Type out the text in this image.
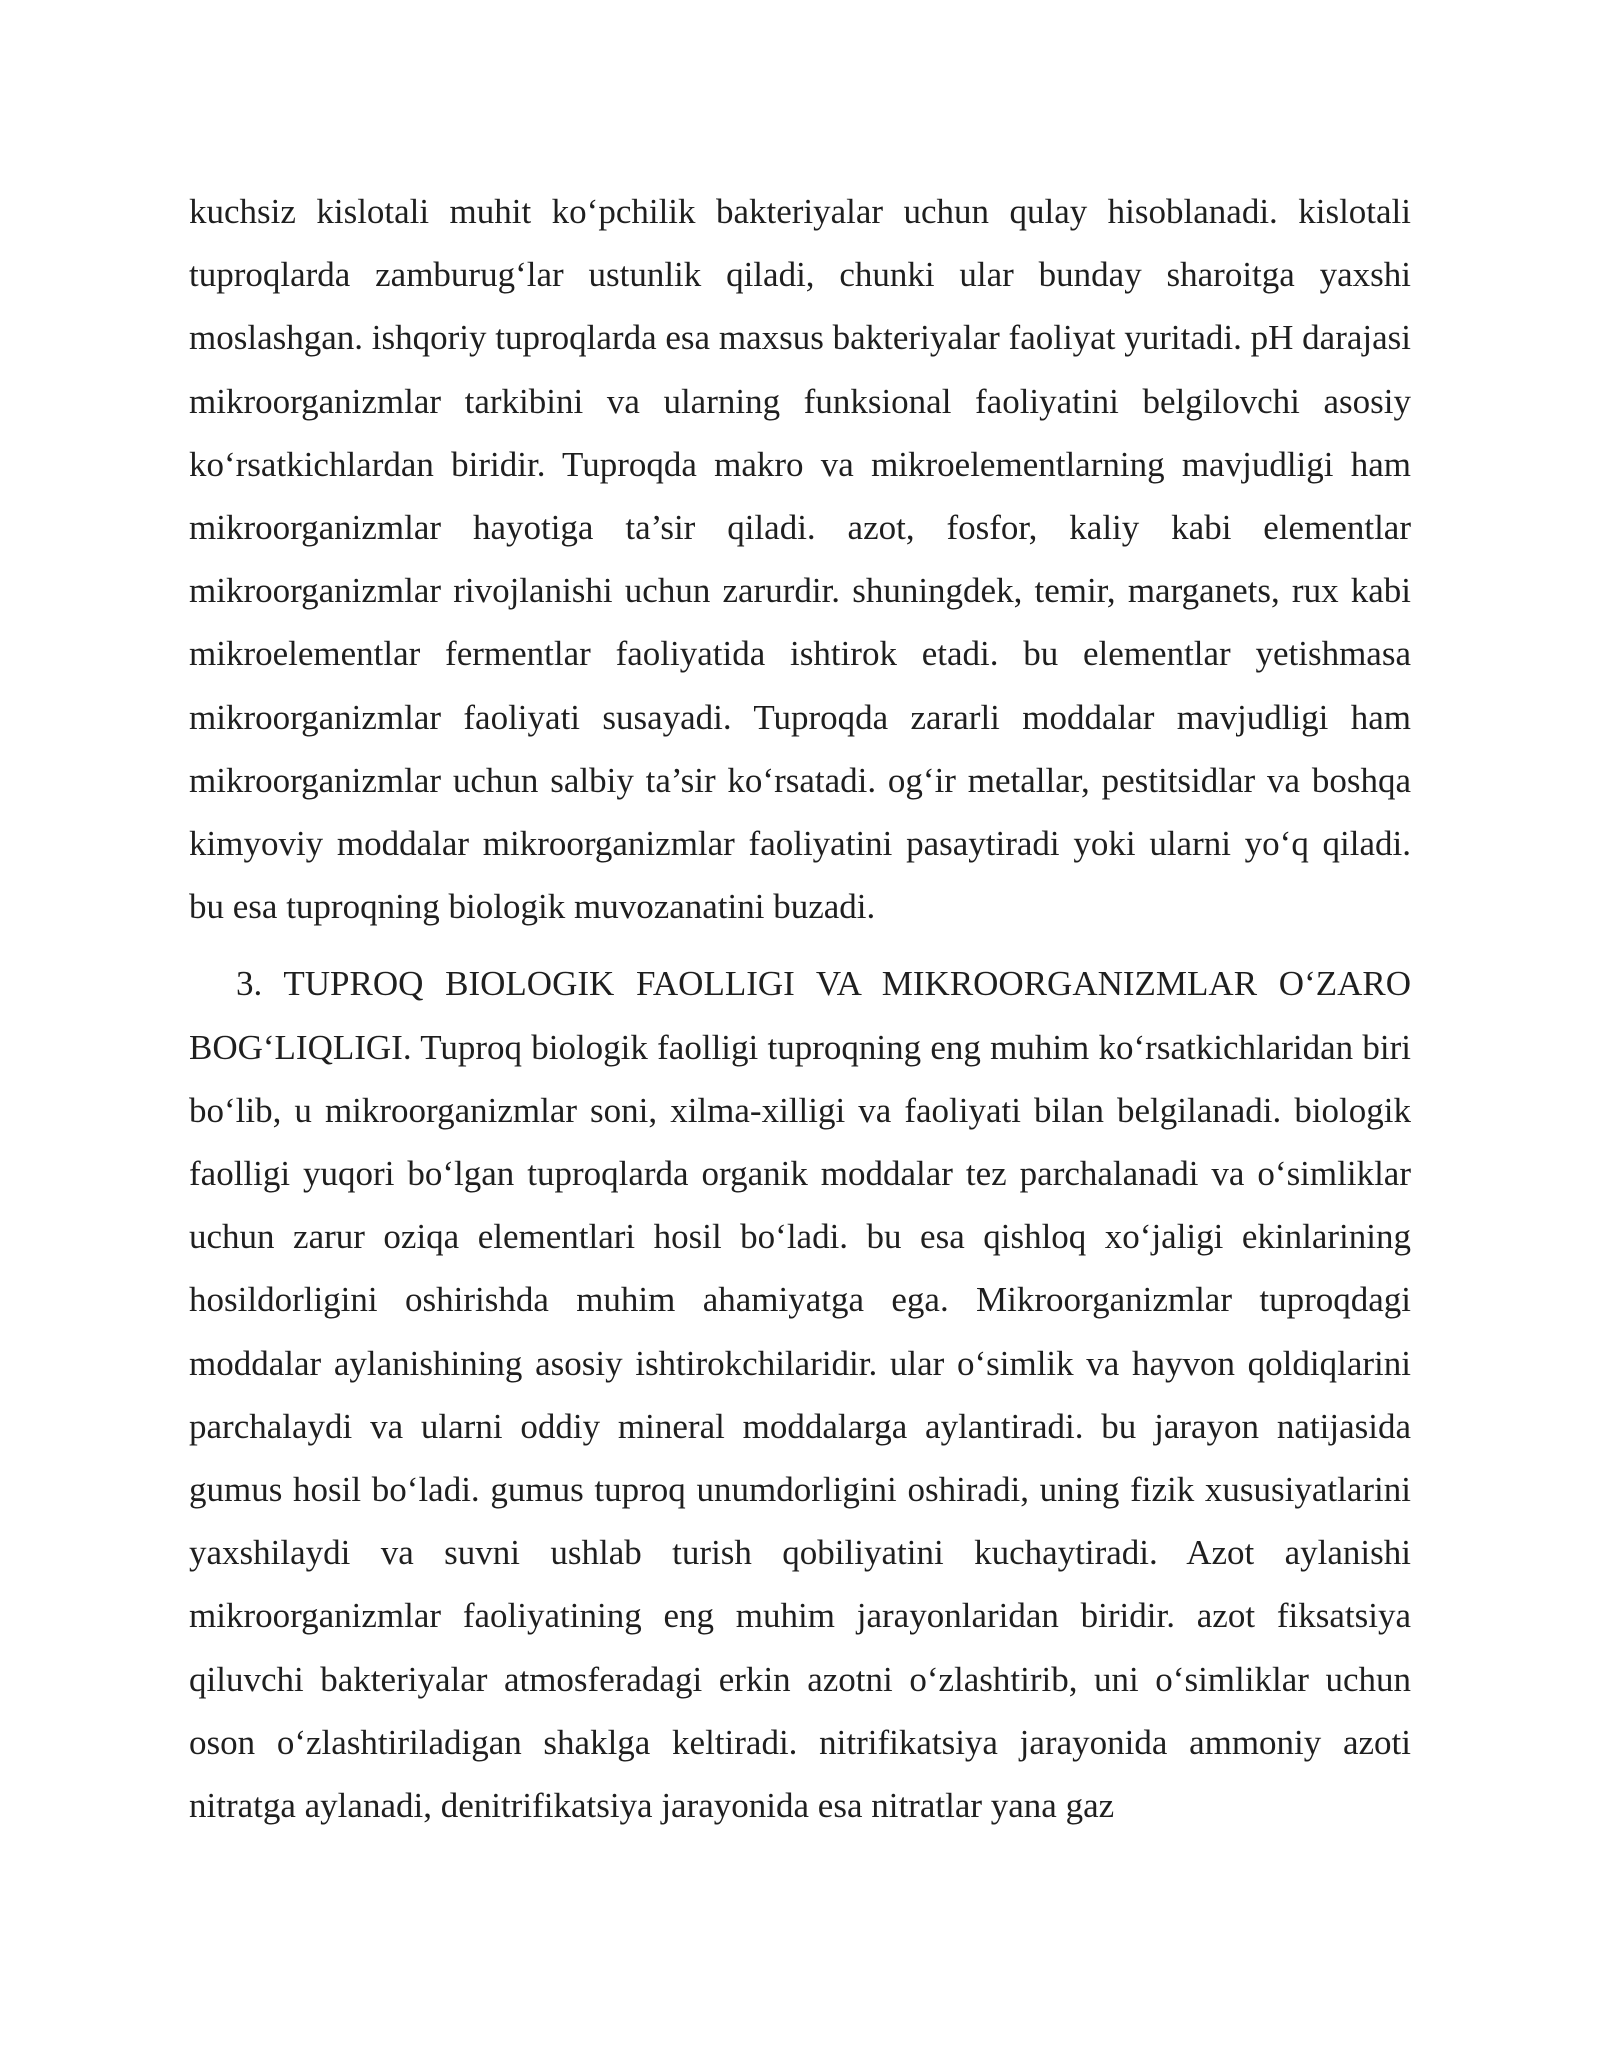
kuchsiz kislotali muhit ko‘pchilik bakteriyalar uchun qulay hisoblanadi. kislotali tuproqlarda zamburug‘lar ustunlik qiladi, chunki ular bunday sharoitga yaxshi moslashgan. ishqoriy tuproqlarda esa maxsus bakteriyalar faoliyat yuritadi. pH darajasi mikroorganizmlar tarkibini va ularning funksional faoliyatini belgilovchi asosiy ko‘rsatkichlardan biridir. Tuproqda makro va mikroelementlarning mavjudligi ham mikroorganizmlar hayotiga ta’sir qiladi. azot, fosfor, kaliy kabi elementlar mikroorganizmlar rivojlanishi uchun zarurdir. shuningdek, temir, marganets, rux kabi mikroelementlar fermentlar faoliyatida ishtirok etadi. bu elementlar yetishmasa mikroorganizmlar faoliyati susayadi. Tuproqda zararli moddalar mavjudligi ham mikroorganizmlar uchun salbiy ta’sir ko‘rsatadi. og‘ir metallar, pestitsidlar va boshqa kimyoviy moddalar mikroorganizmlar faoliyatini pasaytiradi yoki ularni yo‘q qiladi. bu esa tuproqning biologik muvozanatini buzadi.

3. TUPROQ BIOLOGIK FAOLLIGI VA MIKROORGANIZMLAR O‘ZARO BOG‘LIQLIGI. Tuproq biologik faolligi tuproqning eng muhim ko‘rsatkichlaridan biri bo‘lib, u mikroorganizmlar soni, xilma-xilligi va faoliyati bilan belgilanadi. biologik faolligi yuqori bo‘lgan tuproqlarda organik moddalar tez parchalanadi va o‘simliklar uchun zarur oziqa elementlari hosil bo‘ladi. bu esa qishloq xo‘jaligi ekinlarining hosildorligini oshirishda muhim ahamiyatga ega. Mikroorganizmlar tuproqdagi moddalar aylanishining asosiy ishtirokchilaridir. ular o‘simlik va hayvon qoldiqlarini parchalaydi va ularni oddiy mineral moddalarga aylantiradi. bu jarayon natijasida gumus hosil bo‘ladi. gumus tuproq unumdorligini oshiradi, uning fizik xususiyatlarini yaxshilaydi va suvni ushlab turish qobiliyatini kuchaytiradi. Azot aylanishi mikroorganizmlar faoliyatining eng muhim jarayonlaridan biridir. azot fiksatsiya qiluvchi bakteriyalar atmosferadagi erkin azotni o‘zlashtirib, uni o‘simliklar uchun oson o‘zlashtiriladigan shaklga keltiradi. nitrifikatsiya jarayonida ammoniy azoti nitratga aylanadi, denitrifikatsiya jarayonida esa nitratlar yana gaz
